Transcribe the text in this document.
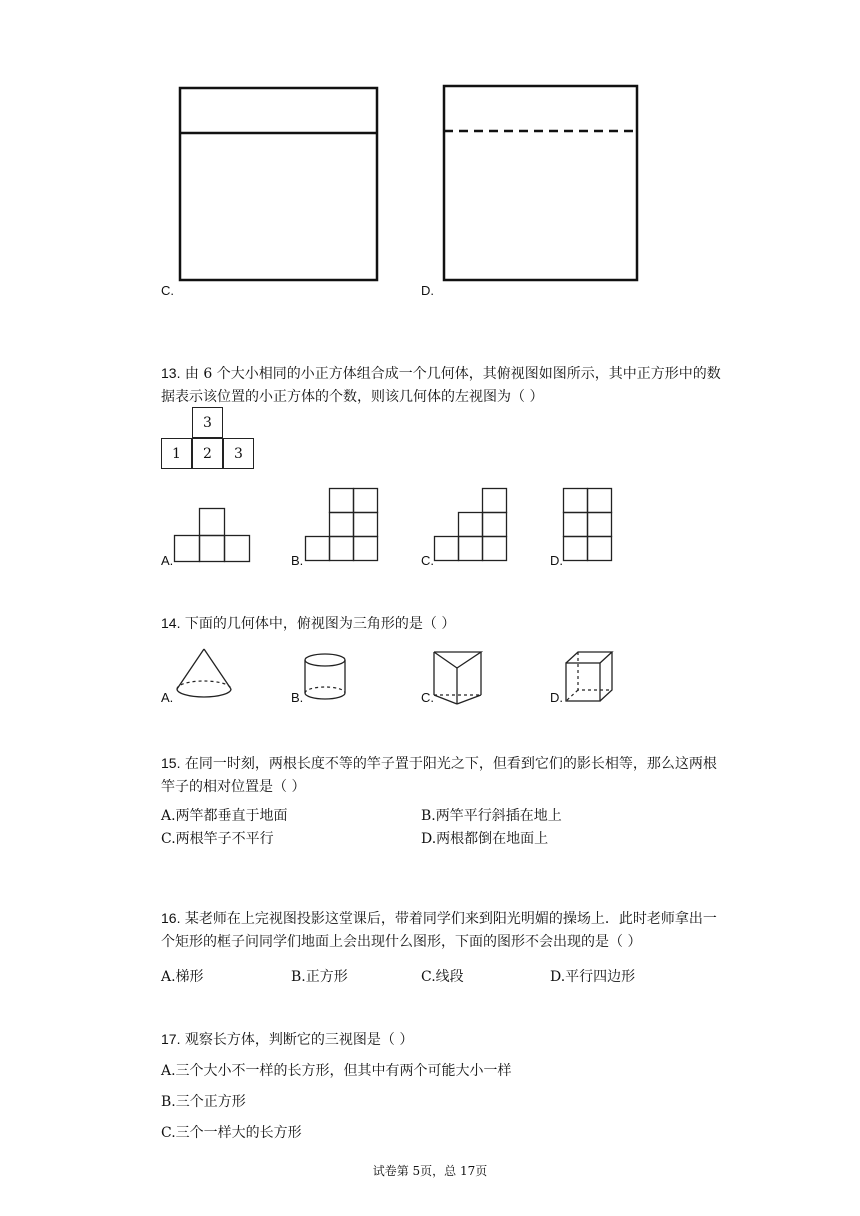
C.	D.
13. 由 6 个大小相同的小正方体组合成一个几何体，其俯视图如图所示，其中正方形中的数据表示该位置的小正方体的个数，则该几何体的左视图为（ ）
3
1	2	3
A.	B.	C.	D.
14. 下面的几何体中，俯视图为三角形的是（ ）
A.	B.	C.	D.
15. 在同一时刻，两根长度不等的竿子置于阳光之下，但看到它们的影长相等，那么这两根竿子的相对位置是（ ）
A.两竿都垂直于地面	B.两竿平行斜插在地上
C.两根竿子不平行	D.两根都倒在地面上
16. 某老师在上完视图投影这堂课后，带着同学们来到阳光明媚的操场上．此时老师拿出一个矩形的框子问同学们地面上会出现什么图形，下面的图形不会出现的是（ ）
A.梯形	B.正方形	C.线段	D.平行四边形
17. 观察长方体，判断它的三视图是（ ）
A.三个大小不一样的长方形，但其中有两个可能大小一样
B.三个正方形
C.三个一样大的长方形
试卷第 5页，总 17页
